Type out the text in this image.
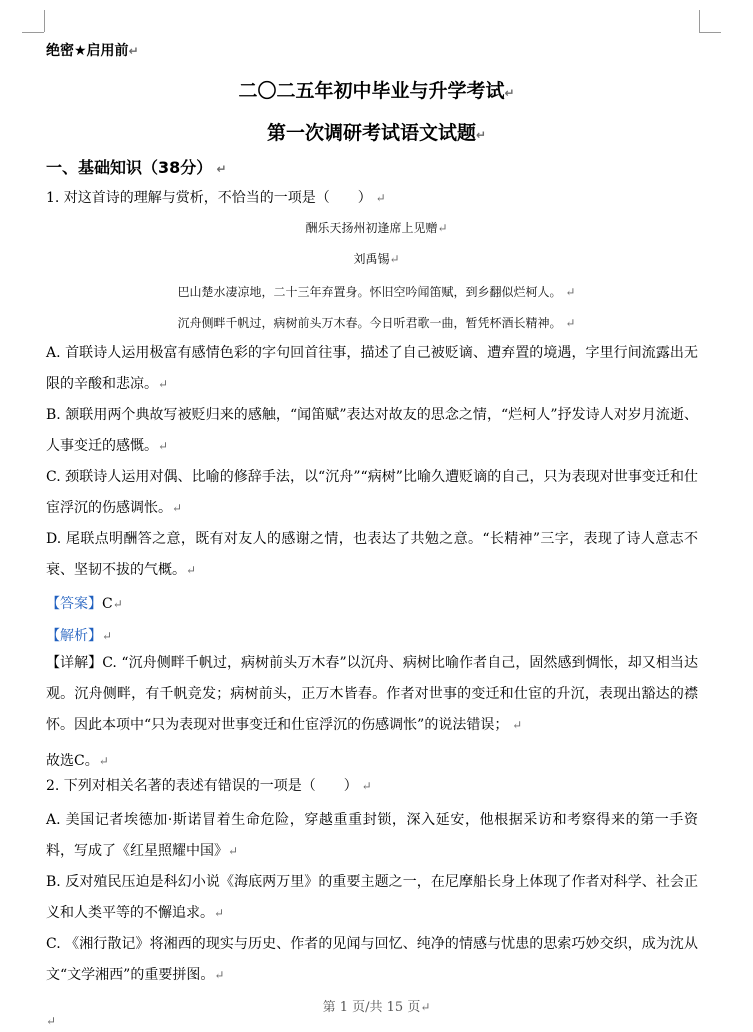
绝密★启用前↵
二〇二五年初中毕业与升学考试↵
第一次调研考试语文试题↵
一、基础知识（38分） ↵
1. 对这首诗的理解与赏析，不恰当的一项是（　　） ↵
酬乐天扬州初逢席上见赠↵
刘禹锡↵
巴山楚水凄凉地，二十三年弃置身。怀旧空吟闻笛赋，到乡翻似烂柯人。 ↵
沉舟侧畔千帆过，病树前头万木春。今日听君歌一曲，暂凭杯酒长精神。 ↵
A. 首联诗人运用极富有感情色彩的字句回首往事，描述了自己被贬谪、遭弃置的境遇，字里行间流露出无限的辛酸和悲凉。↵
B. 颔联用两个典故写被贬归来的感触，“闻笛赋”表达对故友的思念之情，“烂柯人”抒发诗人对岁月流逝、人事变迁的感慨。↵
C. 颈联诗人运用对偶、比喻的修辞手法，以“沉舟”“病树”比喻久遭贬谪的自己，只为表现对世事变迁和仕宦浮沉的伤感调怅。↵
D. 尾联点明酬答之意，既有对友人的感谢之情，也表达了共勉之意。“长精神”三字，表现了诗人意志不衰、坚韧不拔的气概。↵
【答案】C↵
【解析】↵
【详解】C. “沉舟侧畔千帆过，病树前头万木春”以沉舟、病树比喻作者自己，固然感到惆怅，却又相当达观。沉舟侧畔，有千帆竞发；病树前头，正万木皆春。作者对世事的变迁和仕宦的升沉，表现出豁达的襟怀。因此本项中“只为表现对世事变迁和仕宦浮沉的伤感调怅”的说法错误； ↵
故选C。↵
2. 下列对相关名著的表述有错误的一项是（　　） ↵
A. 美国记者埃德加·斯诺冒着生命危险，穿越重重封锁，深入延安，他根据采访和考察得来的第一手资料，写成了《红星照耀中国》↵
B. 反对殖民压迫是科幻小说《海底两万里》的重要主题之一，在尼摩船长身上体现了作者对科学、社会正义和人类平等的不懈追求。↵
C. 《湘行散记》将湘西的现实与历史、作者的见闻与回忆、纯净的情感与忧患的思索巧妙交织，成为沈从文“文学湘西”的重要拼图。↵
第 1 页/共 15 页↵
↵
